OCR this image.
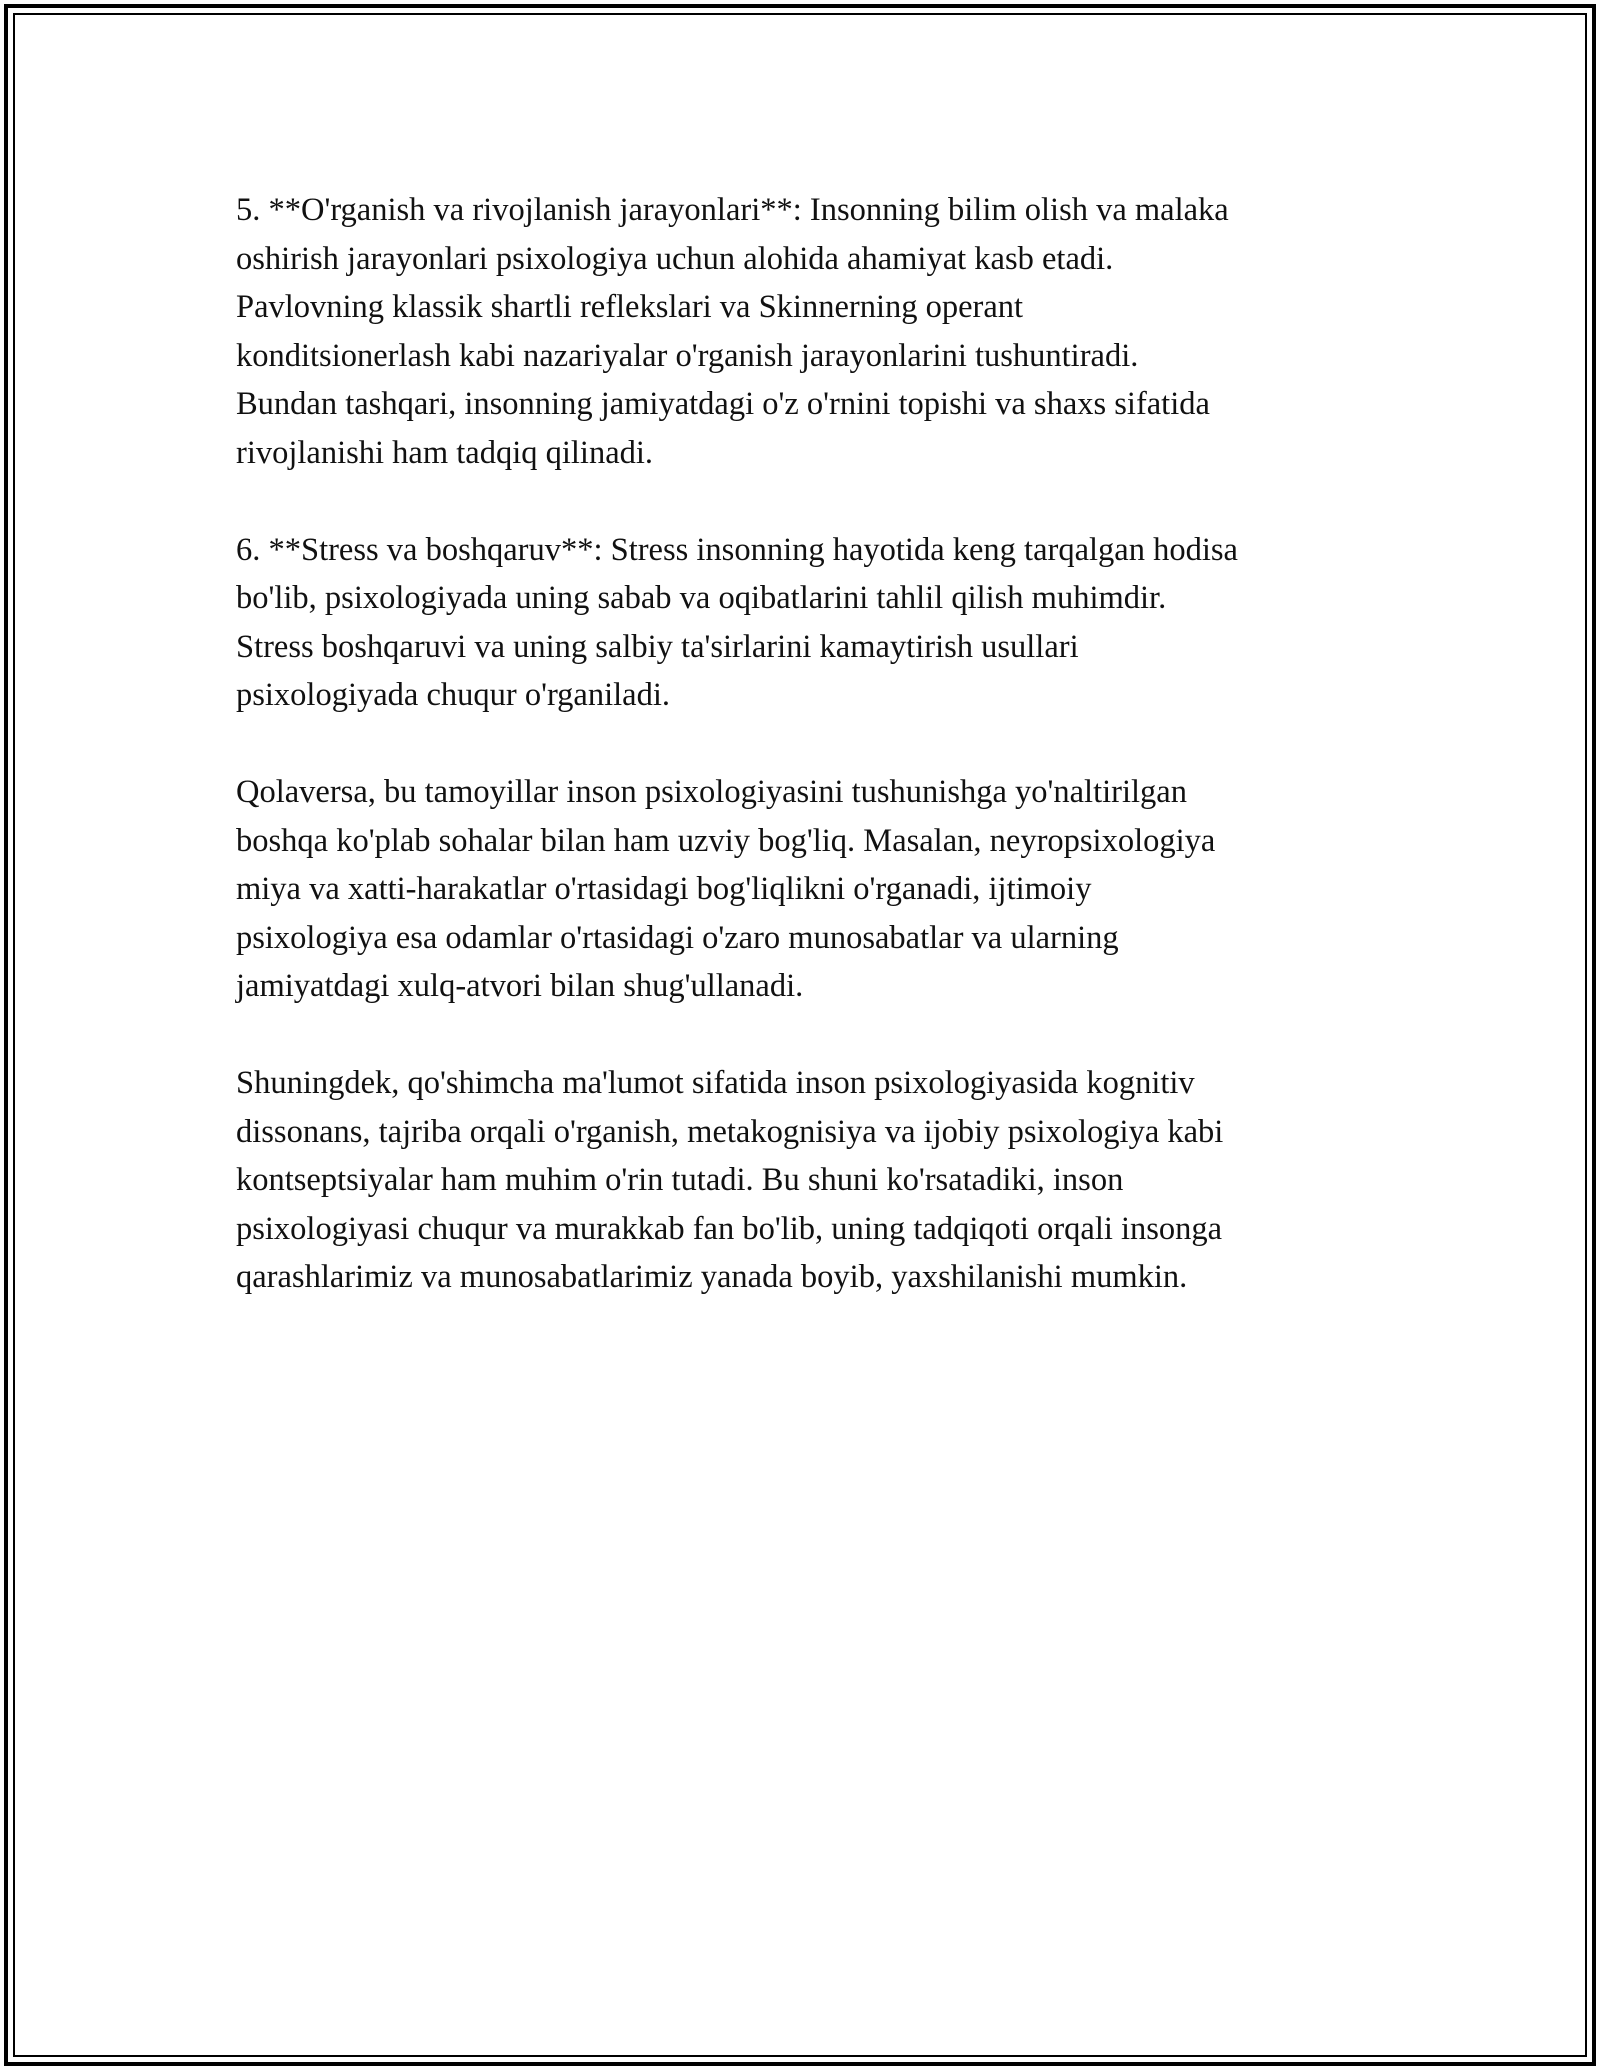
5. **O'rganish va rivojlanish jarayonlari**: Insonning bilim olish va malaka
oshirish jarayonlari psixologiya uchun alohida ahamiyat kasb etadi.
Pavlovning klassik shartli reflekslari va Skinnerning operant
konditsionerlash kabi nazariyalar o'rganish jarayonlarini tushuntiradi.
Bundan tashqari, insonning jamiyatdagi o'z o'rnini topishi va shaxs sifatida
rivojlanishi ham tadqiq qilinadi.

6. **Stress va boshqaruv**: Stress insonning hayotida keng tarqalgan hodisa
bo'lib, psixologiyada uning sabab va oqibatlarini tahlil qilish muhimdir.
Stress boshqaruvi va uning salbiy ta'sirlarini kamaytirish usullari
psixologiyada chuqur o'rganiladi.

Qolaversa, bu tamoyillar inson psixologiyasini tushunishga yo'naltirilgan
boshqa ko'plab sohalar bilan ham uzviy bog'liq. Masalan, neyropsixologiya
miya va xatti-harakatlar o'rtasidagi bog'liqlikni o'rganadi, ijtimoiy
psixologiya esa odamlar o'rtasidagi o'zaro munosabatlar va ularning
jamiyatdagi xulq-atvori bilan shug'ullanadi.

Shuningdek, qo'shimcha ma'lumot sifatida inson psixologiyasida kognitiv
dissonans, tajriba orqali o'rganish, metakognisiya va ijobiy psixologiya kabi
kontseptsiyalar ham muhim o'rin tutadi. Bu shuni ko'rsatadiki, inson
psixologiyasi chuqur va murakkab fan bo'lib, uning tadqiqoti orqali insonga
qarashlarimiz va munosabatlarimiz yanada boyib, yaxshilanishi mumkin.
